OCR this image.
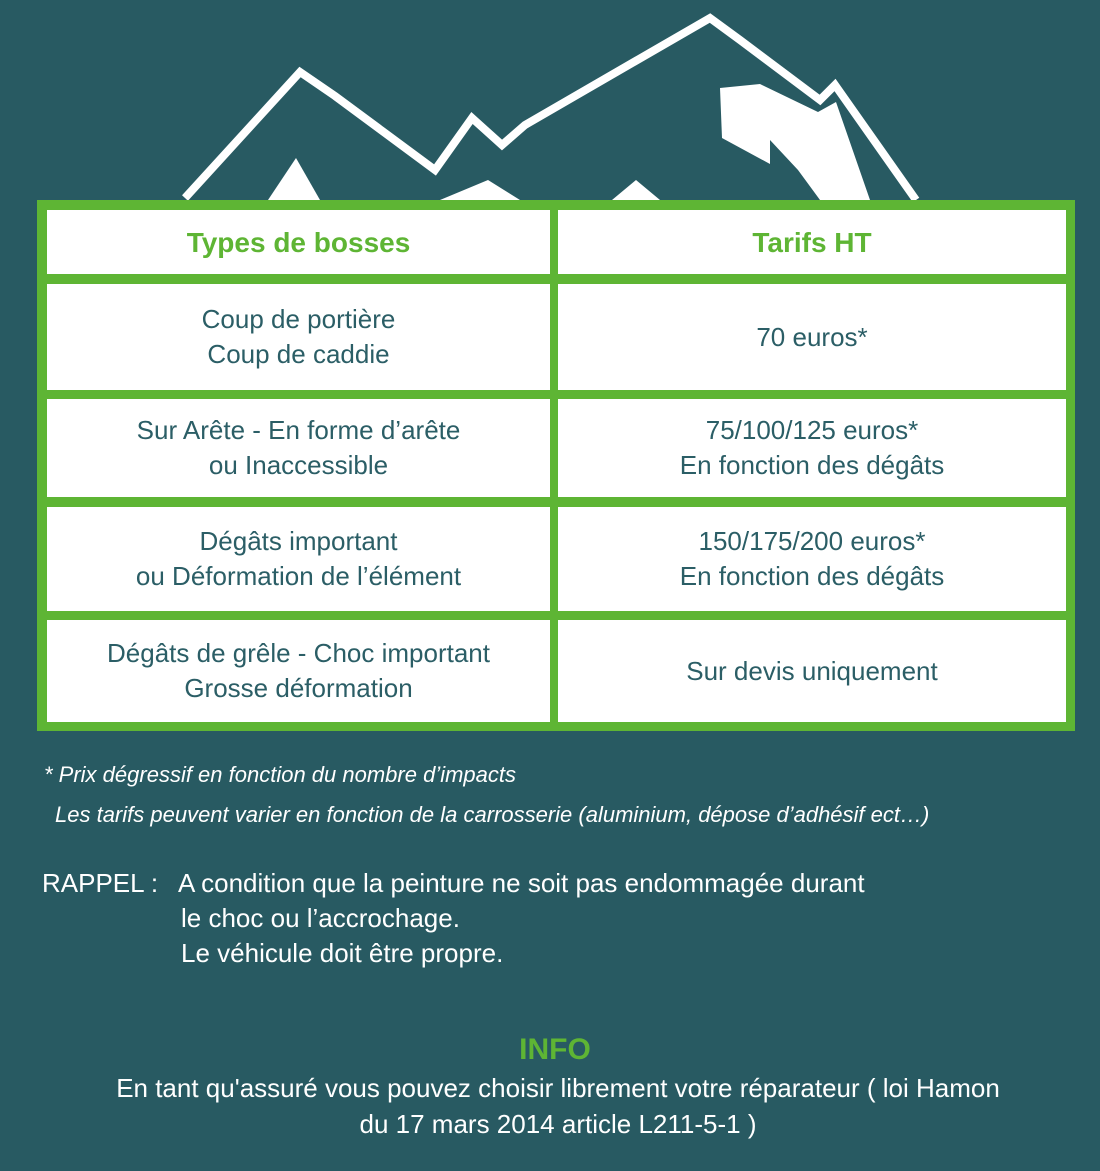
Types de bosses	Tarifs HT
Coup de portière
Coup de caddie
70 euros*
Sur Arête - En forme d’arête
ou Inaccessible
75/100/125 euros*
En fonction des dégâts
Dégâts important
ou Déformation de l’élément
150/175/200 euros*
En fonction des dégâts
Dégâts de grêle - Choc important
Grosse déformation
Sur devis uniquement
* Prix dégressif en fonction du nombre d’impacts
Les tarifs peuvent varier en fonction de la carrosserie (aluminium, dépose d’adhésif ect…)
RAPPEL : A condition que la peinture ne soit pas endommagée durant
le choc ou l’accrochage.
Le véhicule doit être propre.
INFO
En tant qu'assuré vous pouvez choisir librement votre réparateur ( loi Hamon
du 17 mars 2014 article L211-5-1 )
